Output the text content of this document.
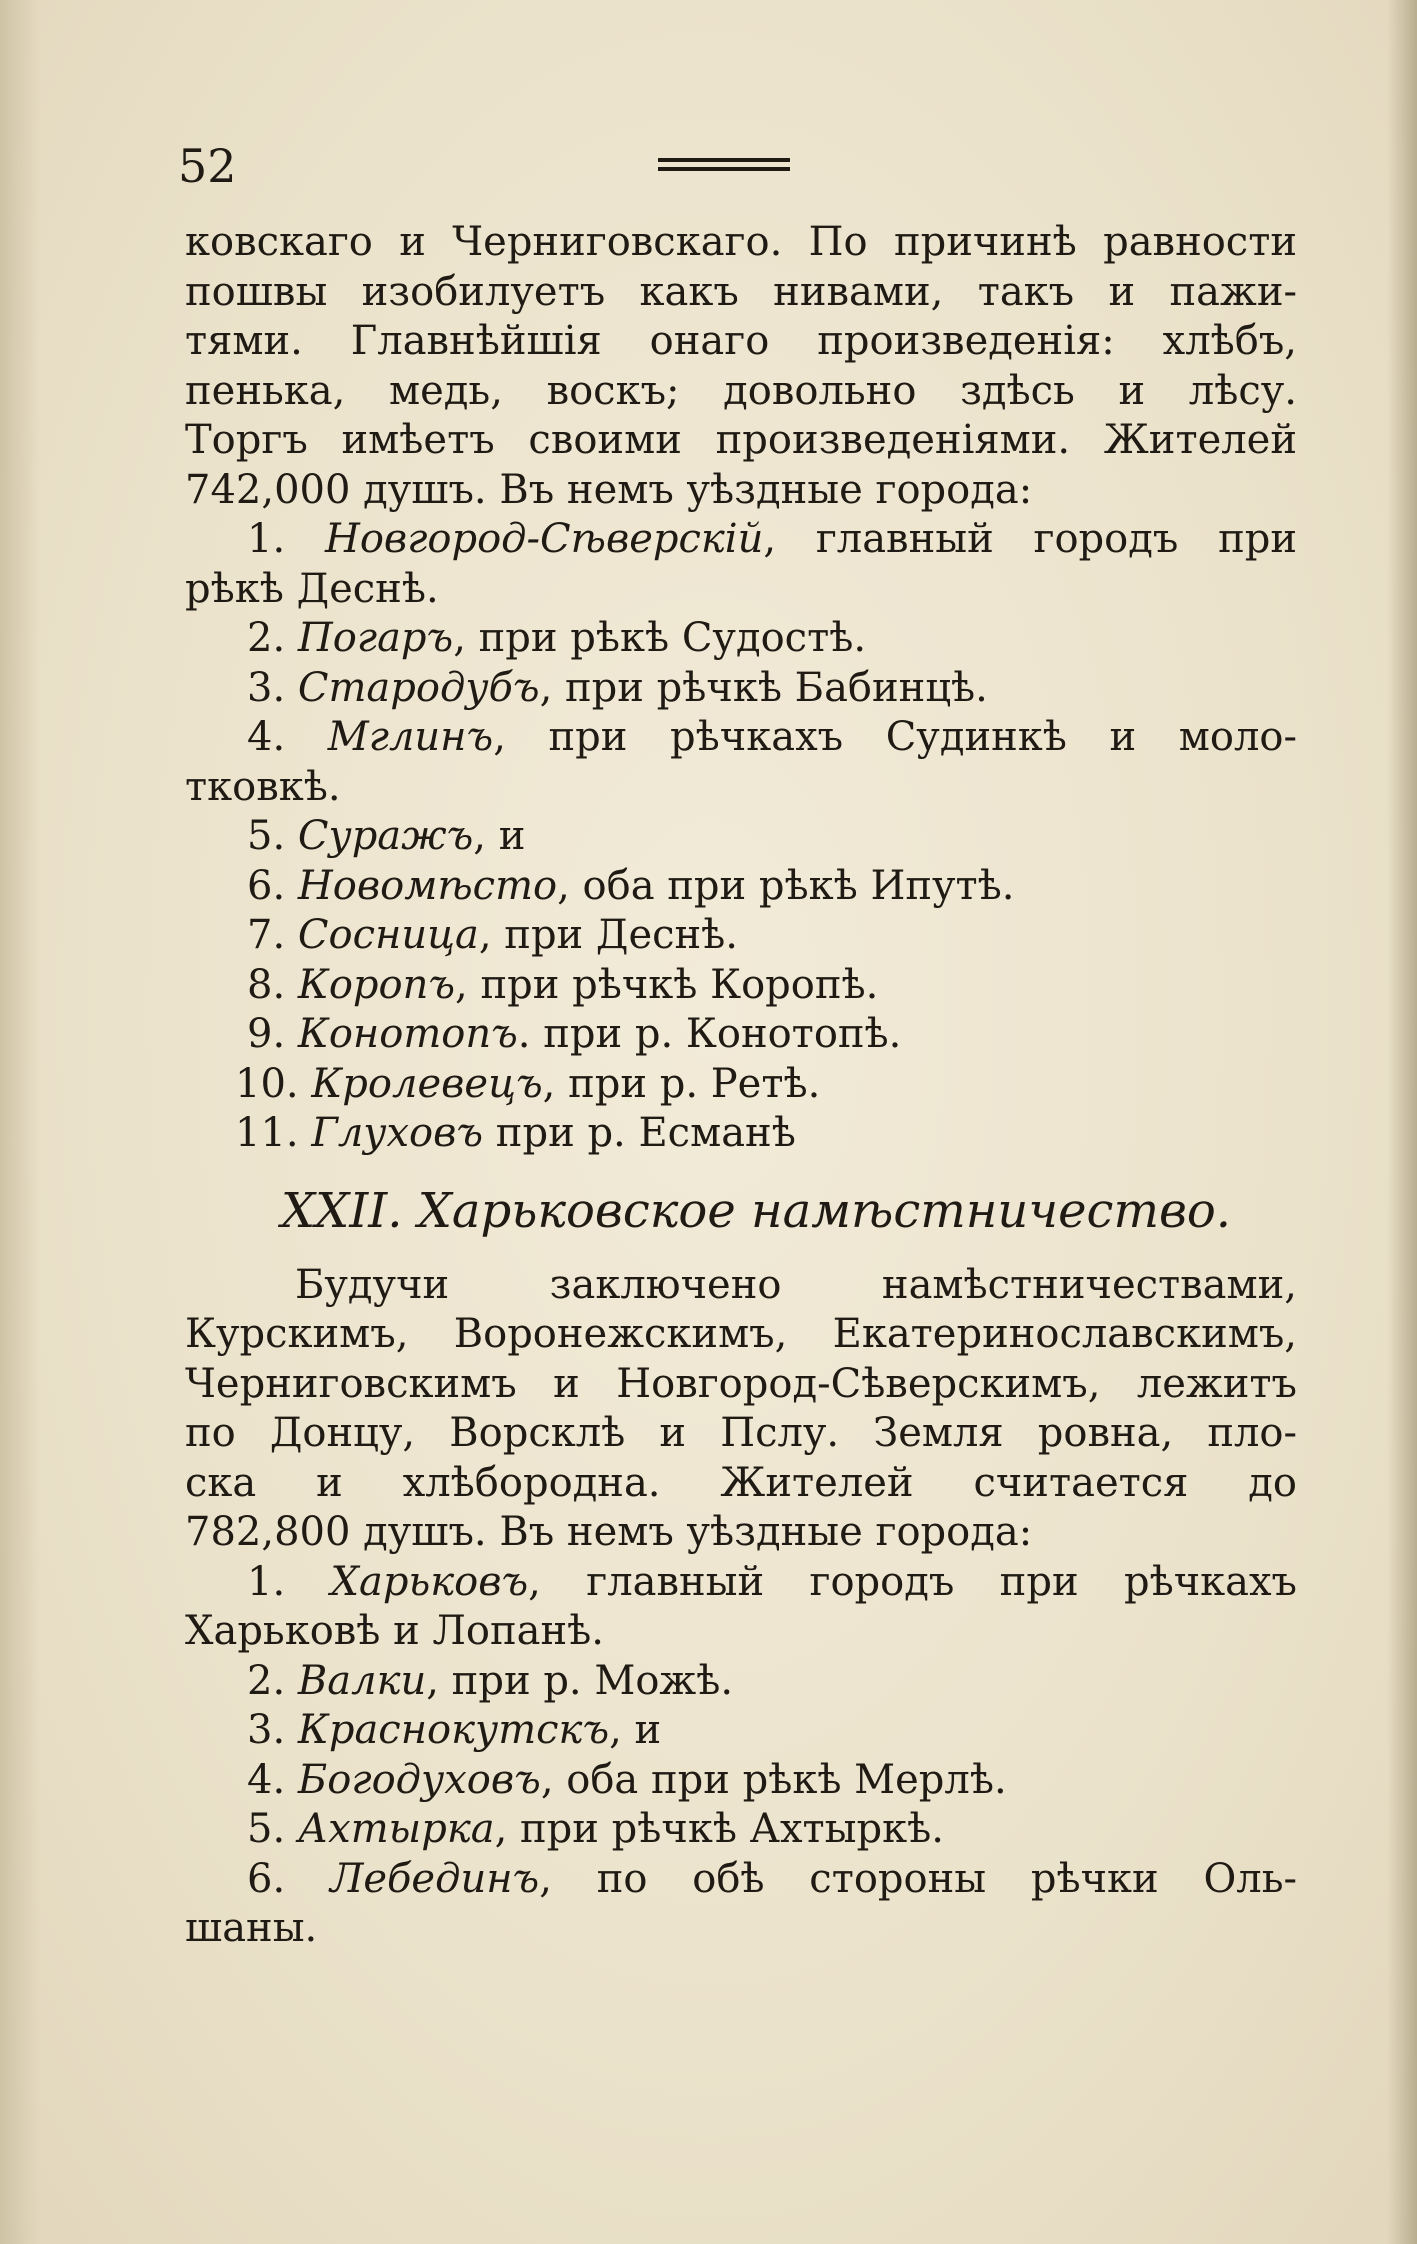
52
ковскаго и Черниговскаго. По причинѣ равности
пошвы изобилуетъ какъ нивами, такъ и пажи-
тями. Главнѣйшія онаго произведенія: хлѣбъ,
пенька, медь, воскъ; довольно здѣсь и лѣсу.
Торгъ имѣетъ своими произведеніями. Жителей
742,000 душъ. Въ немъ уѣздные города:
1. Новгород-Сѣверскій, главный городъ при
рѣкѣ Деснѣ.
2. Погаръ, при рѣкѣ Судостѣ.
3. Стародубъ, при рѣчкѣ Бабинцѣ.
4. Мглинъ, при рѣчкахъ Судинкѣ и моло-
тковкѣ.
5. Суражъ, и
6. Новомѣсто, оба при рѣкѣ Ипутѣ.
7. Сосница, при Деснѣ.
8. Коропъ, при рѣчкѣ Коропѣ.
9. Конотопъ. при р. Конотопѣ.
10. Кролевецъ, при р. Ретѣ.
11. Глуховъ при р. Есманѣ
XXII. Харьковское намѣстничество.
Будучи заключено намѣстничествами,
Курскимъ, Воронежскимъ, Екатеринославскимъ,
Черниговскимъ и Новгород-Сѣверскимъ, лежитъ
по Донцу, Ворсклѣ и Пслу. Земля ровна, пло-
ска и хлѣбородна. Жителей считается до
782,800 душъ. Въ немъ уѣздные города:
1. Харьковъ, главный городъ при рѣчкахъ
Харьковѣ и Лопанѣ.
2. Валки, при р. Можѣ.
3. Краснокутскъ, и
4. Богодуховъ, оба при рѣкѣ Мерлѣ.
5. Ахтырка, при рѣчкѣ Ахтыркѣ.
6. Лебединъ, по обѣ стороны рѣчки Оль-
шаны.
